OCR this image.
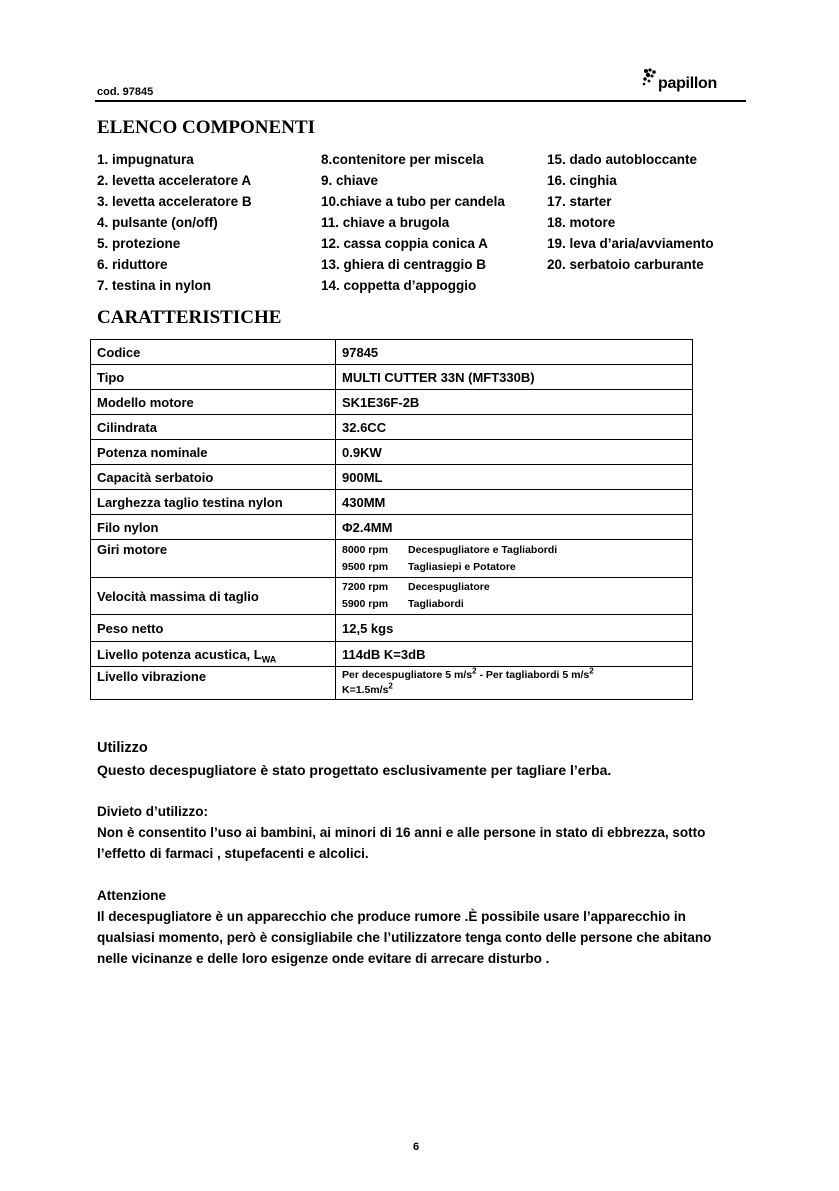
cod. 97845	papillon
ELENCO COMPONENTI
1. impugnatura
2. levetta acceleratore A
3. levetta acceleratore B
4. pulsante (on/off)
5. protezione
6. riduttore
7. testina in nylon
8.contenitore per miscela
9. chiave
10.chiave a tubo per candela
11. chiave a brugola
12. cassa coppia conica A
13. ghiera di centraggio B
14. coppetta d’appoggio
15. dado autobloccante
16. cinghia
17. starter
18. motore
19. leva d’aria/avviamento
20. serbatoio carburante
CARATTERISTICHE
Codice	97845
Tipo	MULTI CUTTER 33N (MFT330B)
Modello motore	SK1E36F-2B
Cilindrata	32.6CC
Potenza nominale	0.9KW
Capacità serbatoio	900ML
Larghezza taglio testina nylon	430MM
Filo nylon	Φ2.4MM
Giri motore	8000 rpm Decespugliatore e Tagliabordi
9500 rpm Tagliasiepi e Potatore

Velocità massima di taglio	7200 rpm Decespugliatore
5900 rpm Tagliabordi

Peso netto	12,5 kgs
Livello potenza acustica, $L_{WA}$	114dB K=3dB
Livello vibrazione	Per decespugliatore 5 $m/s^2$ - Per tagliabordi 5 $m/s^2$
$K=1.5m/s^2$
Utilizzo
Questo decespugliatore è stato progettato esclusivamente per tagliare l’erba.
Divieto d’utilizzo:
Non è consentito l’uso ai bambini, ai minori di 16 anni e alle persone in stato di ebbrezza, sotto
l’effetto di farmaci , stupefacenti e alcolici.
Attenzione
Il decespugliatore è un apparecchio che produce rumore .È possibile usare l’apparecchio in
qualsiasi momento, però è consigliabile che l’utilizzatore tenga conto delle persone che abitano
nelle vicinanze e delle loro esigenze onde evitare di arrecare disturbo .
6
